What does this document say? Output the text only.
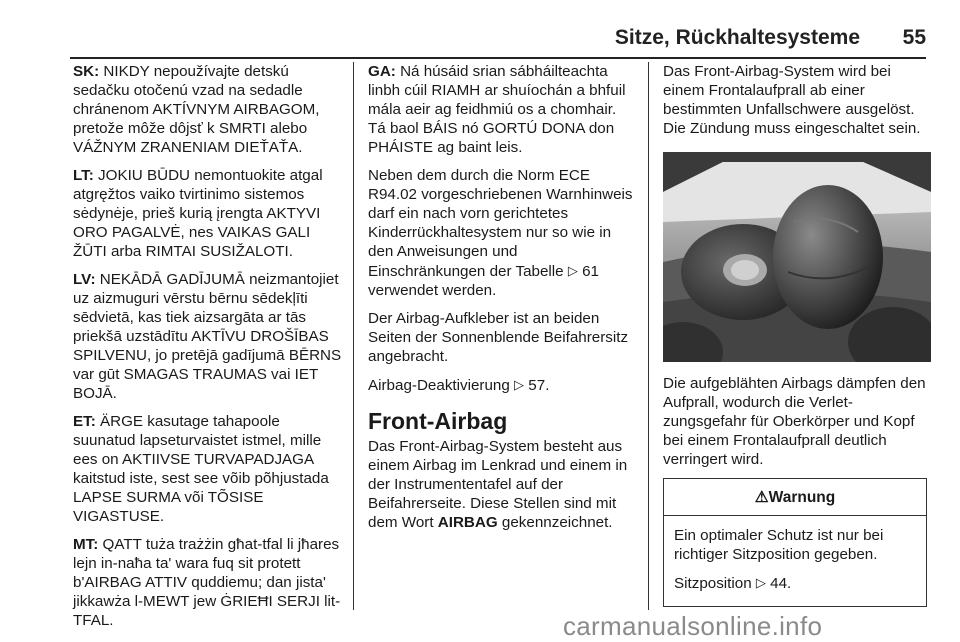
Sitze, Rückhaltesysteme 55

SK: NIKDY nepoužívajte detskú sedačku otočenú vzad na sedadle chránenom AKTÍVNYM AIRBAGOM, pretože môže dôjsť k SMRTI alebo VÁŽNYM ZRANENIAM DIEŤAŤA.

LT: JOKIU BŪDU nemontuokite atgal atgręžtos vaiko tvirtinimo sistemos sėdynėje, prieš kurią įrengta AKTYVI ORO PAGALVĖ, nes VAIKAS GALI ŽŪTI arba RIMTAI SUSIŽALOTI.

LV: NEKĀDĀ GADĪJUMĀ neizmantojiet uz aizmuguri vērstu bērnu sēdekļīti sēdvietā, kas tiek aizsargāta ar tās priekšā uzstādītu AKTĪVU DROŠĪBAS SPILVENU, jo pretējā gadījumā BĒRNS var gūt SMAGAS TRAUMAS vai IET BOJĀ.

ET: ÄRGE kasutage tahapoole suunatud lapseturvaistet istmel, mille ees on AKTIIVSE TURVAPADJAGA kaitstud iste, sest see võib põhjustada LAPSE SURMA või TÕSISE VIGASTUSE.

MT: QATT tuża trażżin għat-tfal li jħares lejn in-naħa ta' wara fuq sit protett b'AIRBAG ATTIV quddiemu; dan jista' jikkawża l-MEWT jew ĠRIEĦI SERJI lit-TFAL.

GA: Ná húsáid srian sábháilteachta linbh cúil RIAMH ar shuíochán a bhfuil mála aeir ag feidhmiú os a chomhair. Tá baol BÁIS nó GORTÚ DONA don PHÁISTE ag baint leis.

Neben dem durch die Norm ECE R94.02 vorgeschriebenen Warnhinweis darf ein nach vorn gerichtetes Kinderrückhaltesystem nur so wie in den Anweisungen und Einschränkungen der Tabelle ▷ 61 verwendet werden.

Der Airbag-Aufkleber ist an beiden Seiten der Sonnenblende Beifahrersitz angebracht.

Airbag-Deaktivierung ▷ 57.

Front-Airbag

Das Front-Airbag-System besteht aus einem Airbag im Lenkrad und einem in der Instrumententafel auf der Beifahrerseite. Diese Stellen sind mit dem Wort AIRBAG gekennzeichnet.

Das Front-Airbag-System wird bei einem Frontalaufprall ab einer bestimmten Unfallschwere ausgelöst. Die Zündung muss eingeschaltet sein.

Die aufgeblähten Airbags dämpfen den Aufprall, wodurch die Verletzungsgefahr für Oberkörper und Kopf bei einem Frontalaufprall deutlich verringert wird.

⚠Warnung

Ein optimaler Schutz ist nur bei richtiger Sitzposition gegeben.

Sitzposition ▷ 44.

carmanualsonline.info
